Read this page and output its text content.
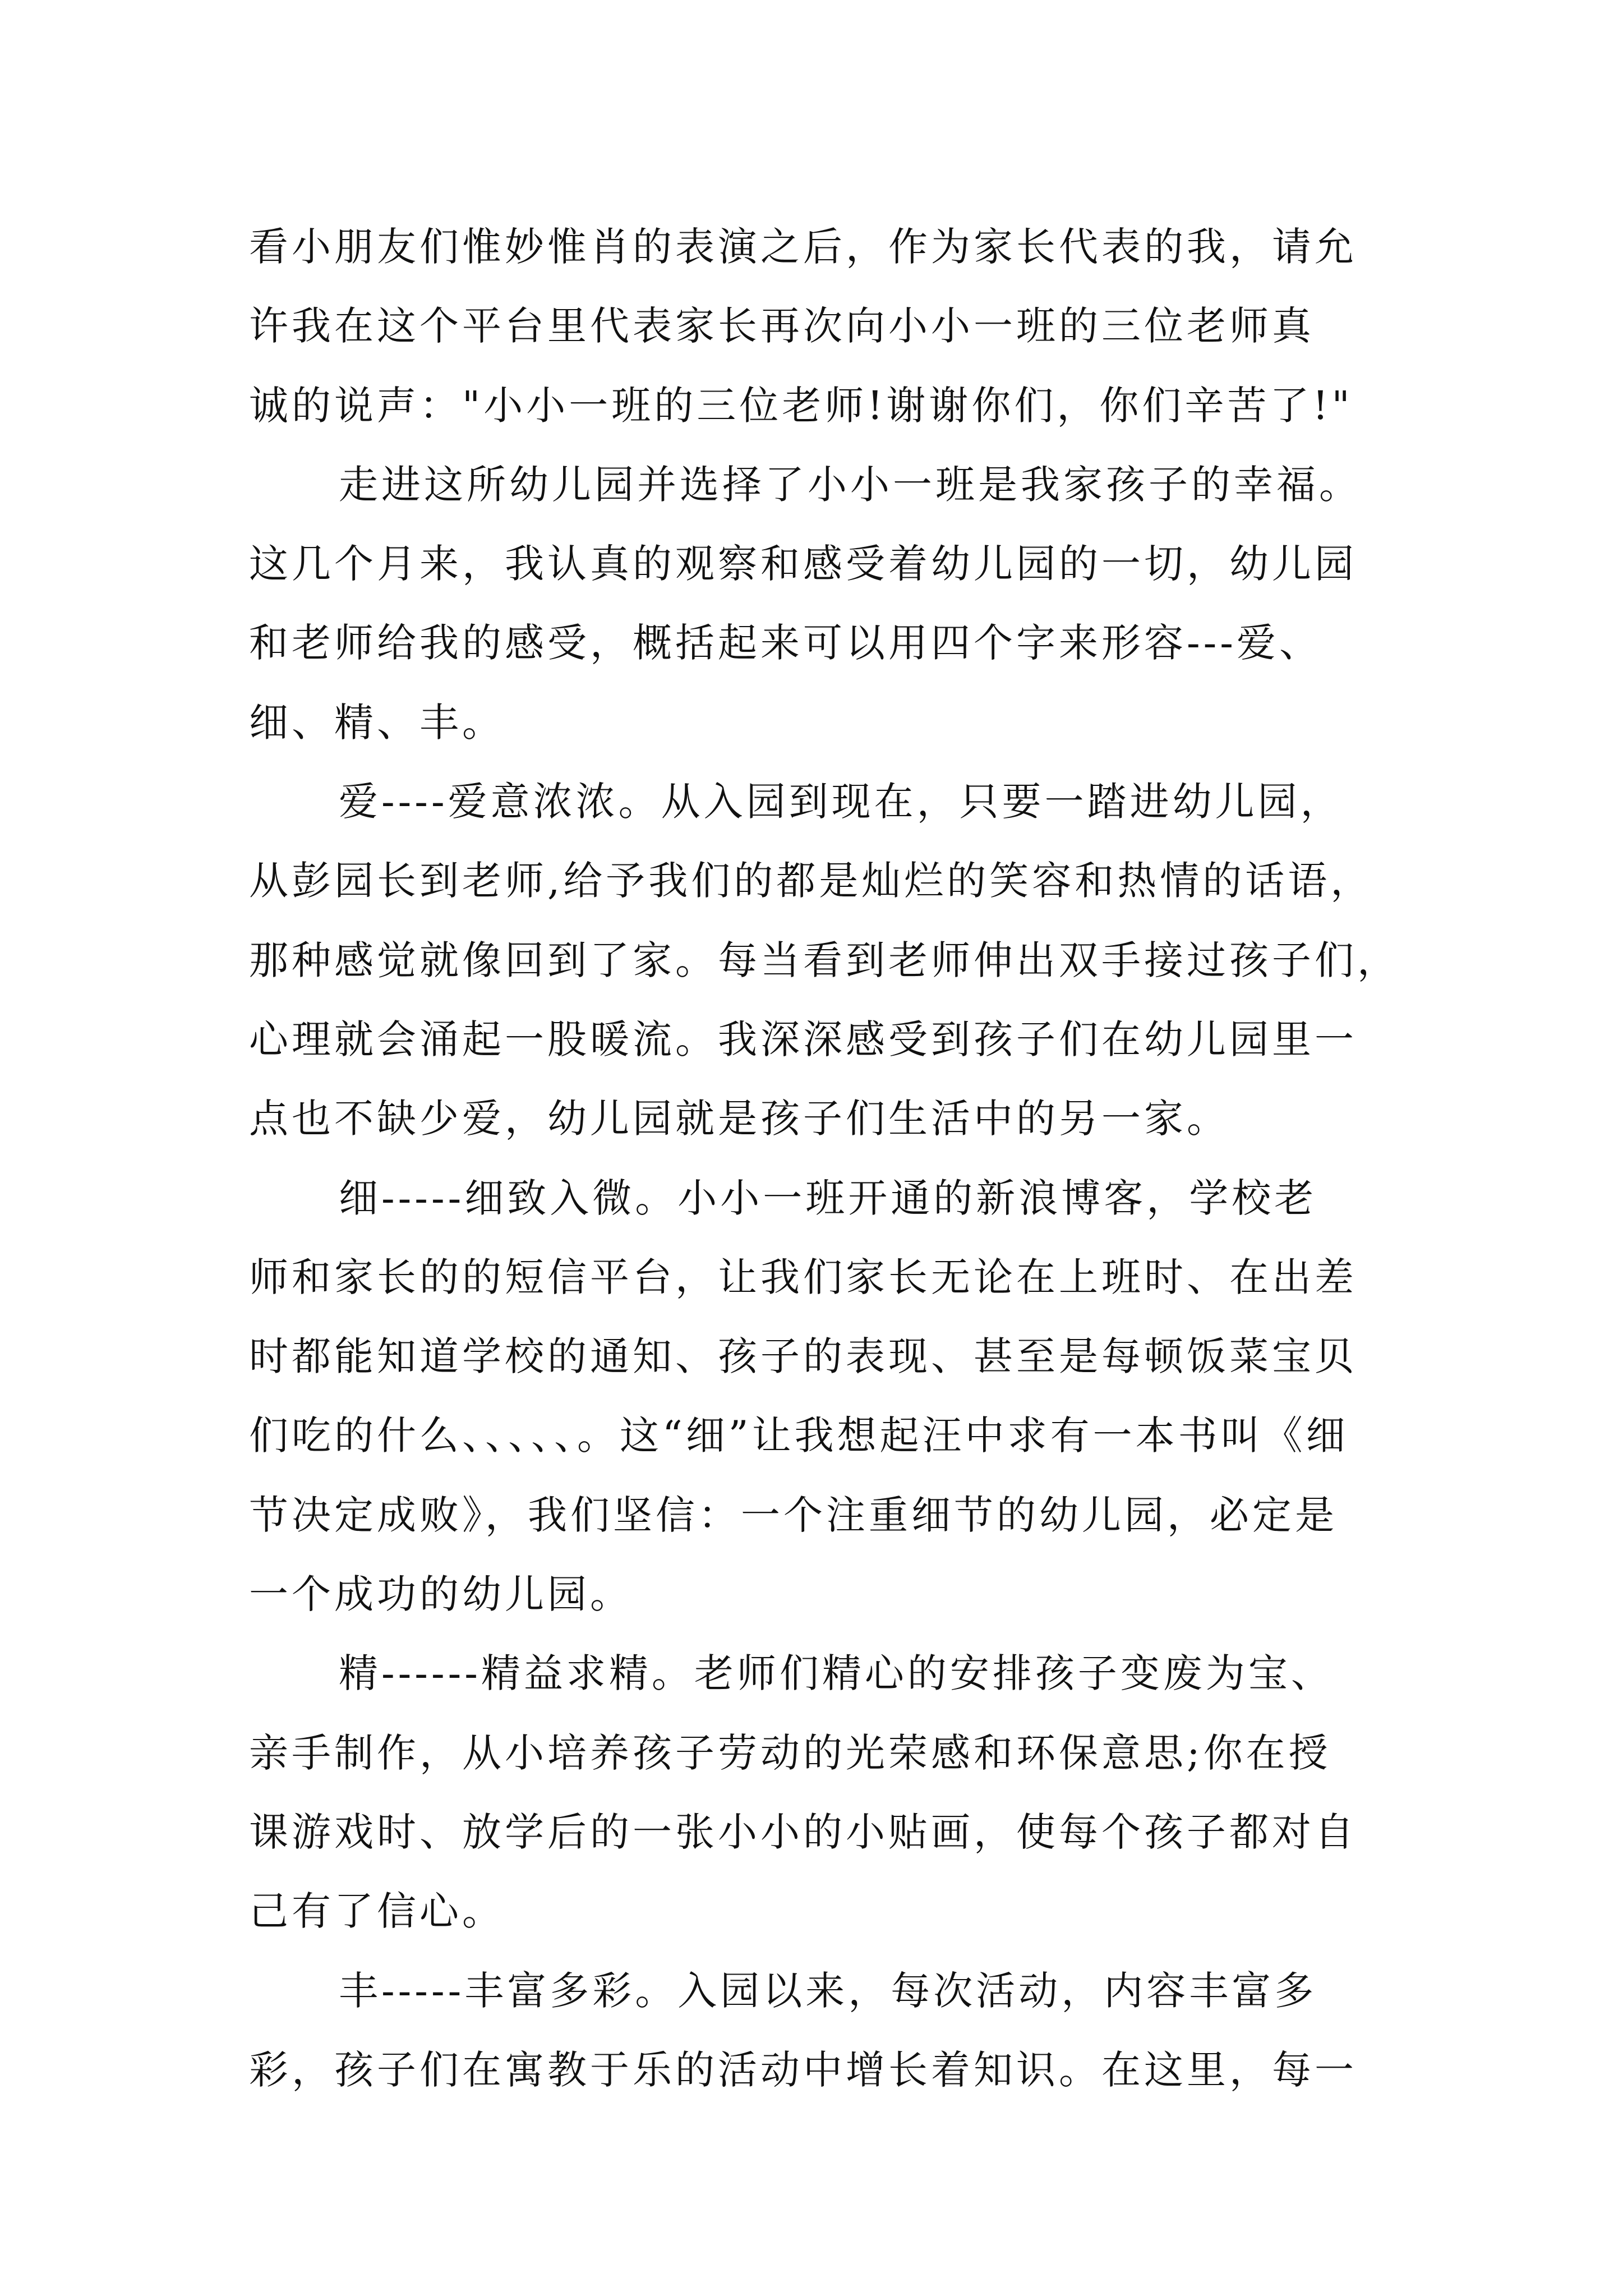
看小朋友们惟妙惟肖的表演之后，作为家长代表的我，请允
许我在这个平台里代表家长再次向小小一班的三位老师真
诚的说声："小小一班的三位老师!谢谢你们，你们辛苦了!"

走进这所幼儿园并选择了小小一班是我家孩子的幸福。
这几个月来，我认真的观察和感受着幼儿园的一切，幼儿园
和老师给我的感受，概括起来可以用四个字来形容---爱、
细、精、丰。

爱----爱意浓浓。从入园到现在，只要一踏进幼儿园，
从彭园长到老师,给予我们的都是灿烂的笑容和热情的话语，
那种感觉就像回到了家。每当看到老师伸出双手接过孩子们，
心理就会涌起一股暖流。我深深感受到孩子们在幼儿园里一
点也不缺少爱，幼儿园就是孩子们生活中的另一家。

细-----细致入微。小小一班开通的新浪博客，学校老
师和家长的的短信平台，让我们家长无论在上班时、在出差
时都能知道学校的通知、孩子的表现、甚至是每顿饭菜宝贝
们吃的什么、、、、、。这“细”让我想起汪中求有一本书叫《细
节决定成败》，我们坚信：一个注重细节的幼儿园，必定是
一个成功的幼儿园。

精------精益求精。老师们精心的安排孩子变废为宝、
亲手制作，从小培养孩子劳动的光荣感和环保意思;你在授
课游戏时、放学后的一张小小的小贴画，使每个孩子都对自
己有了信心。

丰-----丰富多彩。入园以来，每次活动，内容丰富多
彩，孩子们在寓教于乐的活动中增长着知识。在这里，每一
